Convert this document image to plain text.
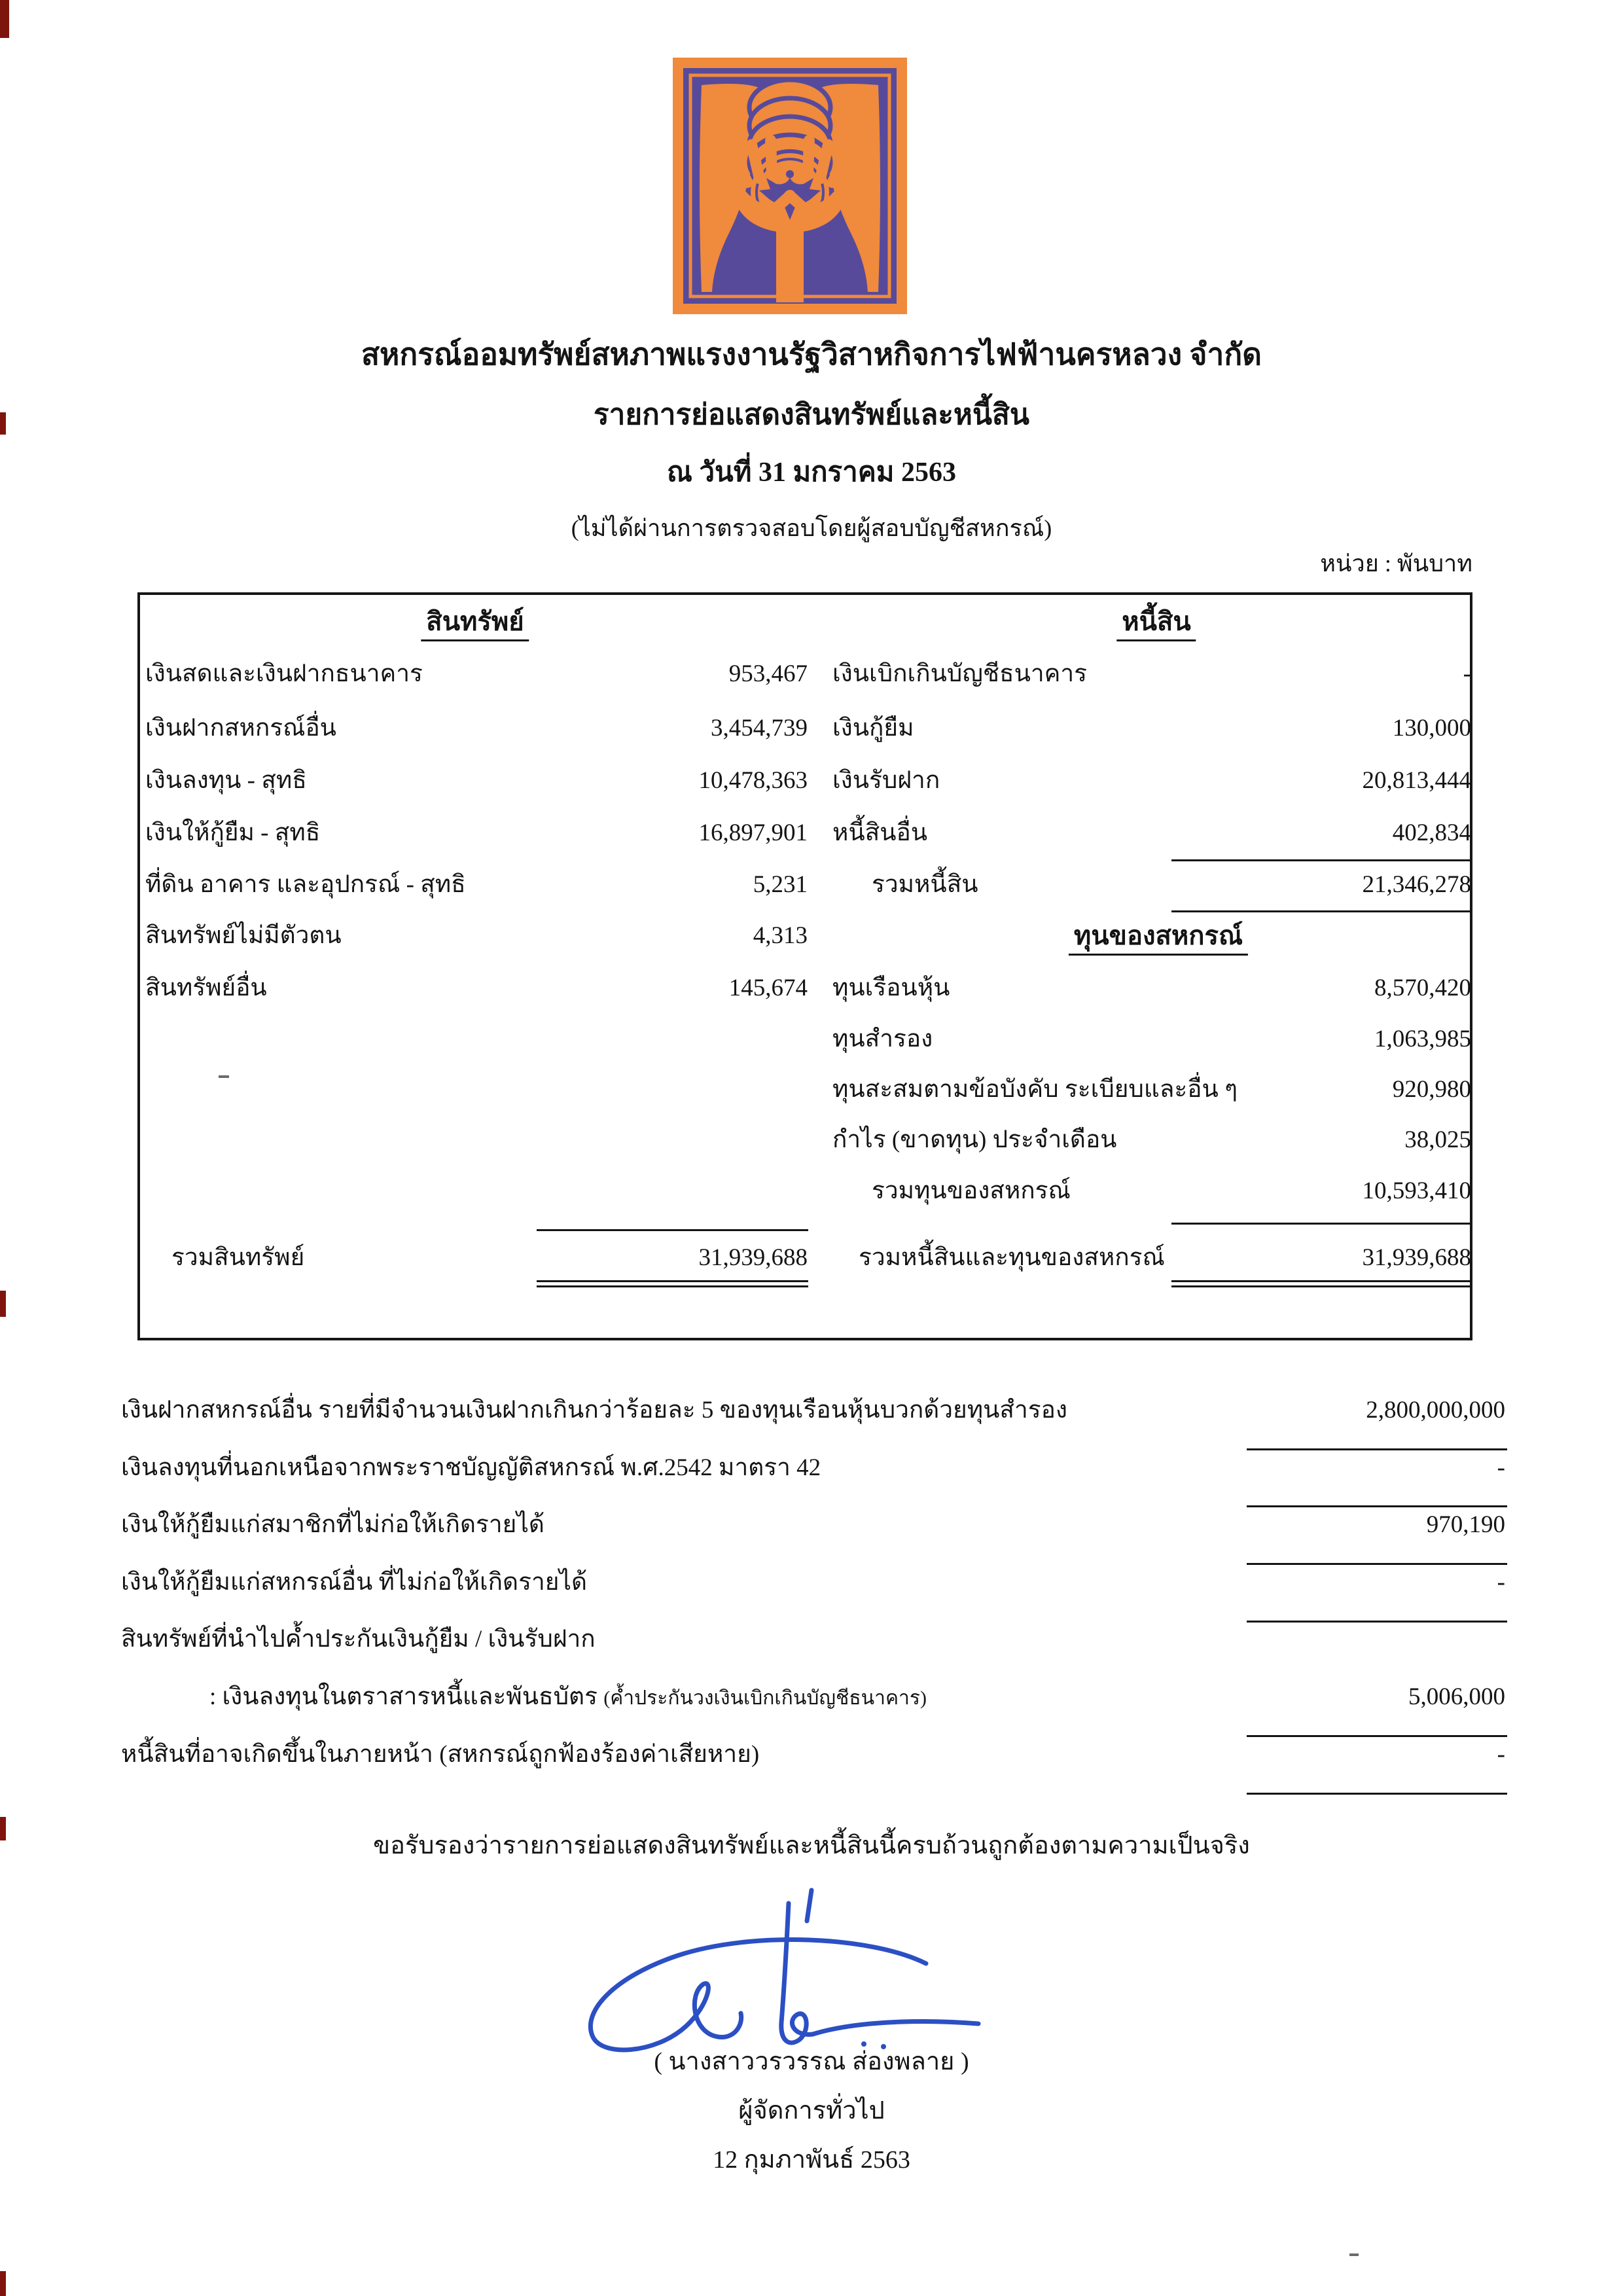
สหกรณ์ออมทรัพย์สหภาพแรงงานรัฐวิสาหกิจการไฟฟ้านครหลวง จำกัด
รายการย่อแสดงสินทรัพย์และหนี้สิน
ณ วันที่ 31 มกราคม 2563
(ไม่ได้ผ่านการตรวจสอบโดยผู้สอบบัญชีสหกรณ์)
หน่วย : พันบาท
สินทรัพย์	หนี้สิน
เงินสดและเงินฝากธนาคาร	953,467
เงินฝากสหกรณ์อื่น	3,454,739
เงินลงทุน - สุทธิ	10,478,363
เงินให้กู้ยืม - สุทธิ	16,897,901
ที่ดิน อาคาร และอุปกรณ์ - สุทธิ	5,231
สินทรัพย์ไม่มีตัวตน	4,313
สินทรัพย์อื่น	145,674
รวมสินทรัพย์	31,939,688
เงินเบิกเกินบัญชีธนาคาร	-
เงินกู้ยืม	130,000
เงินรับฝาก	20,813,444
หนี้สินอื่น	402,834
รวมหนี้สิน	21,346,278
ทุนของสหกรณ์
ทุนเรือนหุ้น	8,570,420
ทุนสำรอง	1,063,985
ทุนสะสมตามข้อบังคับ ระเบียบและอื่น ๆ	920,980
กำไร (ขาดทุน) ประจำเดือน	38,025
รวมทุนของสหกรณ์	10,593,410
รวมหนี้สินและทุนของสหกรณ์	31,939,688
เงินฝากสหกรณ์อื่น รายที่มีจำนวนเงินฝากเกินกว่าร้อยละ 5 ของทุนเรือนหุ้นบวกด้วยทุนสำรอง	2,800,000,000
เงินลงทุนที่นอกเหนือจากพระราชบัญญัติสหกรณ์ พ.ศ.2542 มาตรา 42	-
เงินให้กู้ยืมแก่สมาชิกที่ไม่ก่อให้เกิดรายได้	970,190
เงินให้กู้ยืมแก่สหกรณ์อื่น ที่ไม่ก่อให้เกิดรายได้	-
สินทรัพย์ที่นำไปค้ำประกันเงินกู้ยืม / เงินรับฝาก
: เงินลงทุนในตราสารหนี้และพันธบัตร (ค้ำประกันวงเงินเบิกเกินบัญชีธนาคาร)	5,006,000
หนี้สินที่อาจเกิดขึ้นในภายหน้า (สหกรณ์ถูกฟ้องร้องค่าเสียหาย)	-
ขอรับรองว่ารายการย่อแสดงสินทรัพย์และหนี้สินนี้ครบถ้วนถูกต้องตามความเป็นจริง
( นางสาววรวรรณ ส่องพลาย )
ผู้จัดการทั่วไป
12 กุมภาพันธ์ 2563
